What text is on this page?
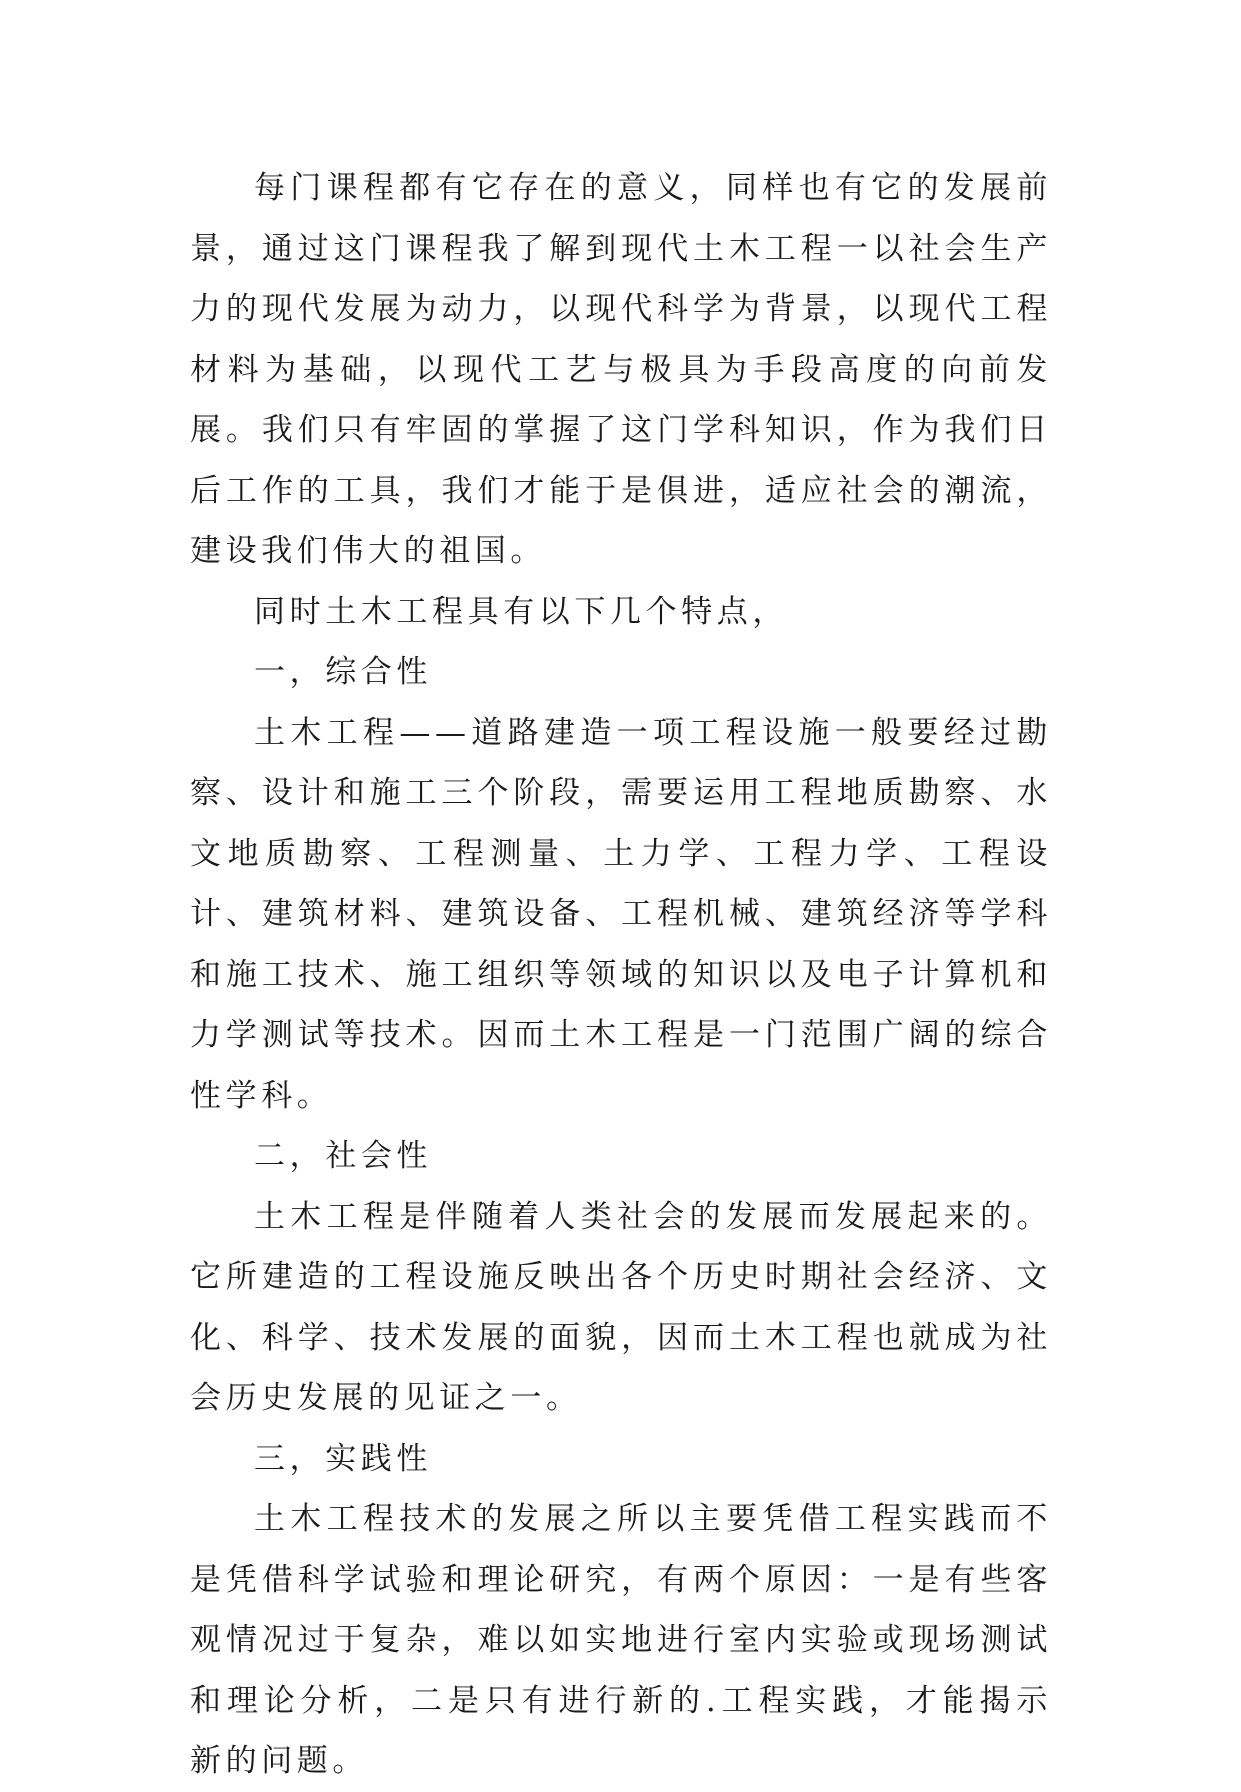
每门课程都有它存在的意义，同样也有它的发展前景，通过这门课程我了解到现代土木工程一以社会生产力的现代发展为动力，以现代科学为背景，以现代工程材料为基础，以现代工艺与极具为手段高度的向前发展。我们只有牢固的掌握了这门学科知识，作为我们日后工作的工具，我们才能于是俱进，适应社会的潮流，建设我们伟大的祖国。

同时土木工程具有以下几个特点，

一，综合性

土木工程——道路建造一项工程设施一般要经过勘察、设计和施工三个阶段，需要运用工程地质勘察、水文地质勘察、工程测量、土力学、工程力学、工程设计、建筑材料、建筑设备、工程机械、建筑经济等学科和施工技术、施工组织等领域的知识以及电子计算机和力学测试等技术。因而土木工程是一门范围广阔的综合性学科。

二，社会性

土木工程是伴随着人类社会的发展而发展起来的。它所建造的工程设施反映出各个历史时期社会经济、文化、科学、技术发展的面貌，因而土木工程也就成为社会历史发展的见证之一。

三，实践性

土木工程技术的发展之所以主要凭借工程实践而不是凭借科学试验和理论研究，有两个原因：一是有些客观情况过于复杂，难以如实地进行室内实验或现场测试和理论分析，二是只有进行新的.工程实践，才能揭示新的问题。
